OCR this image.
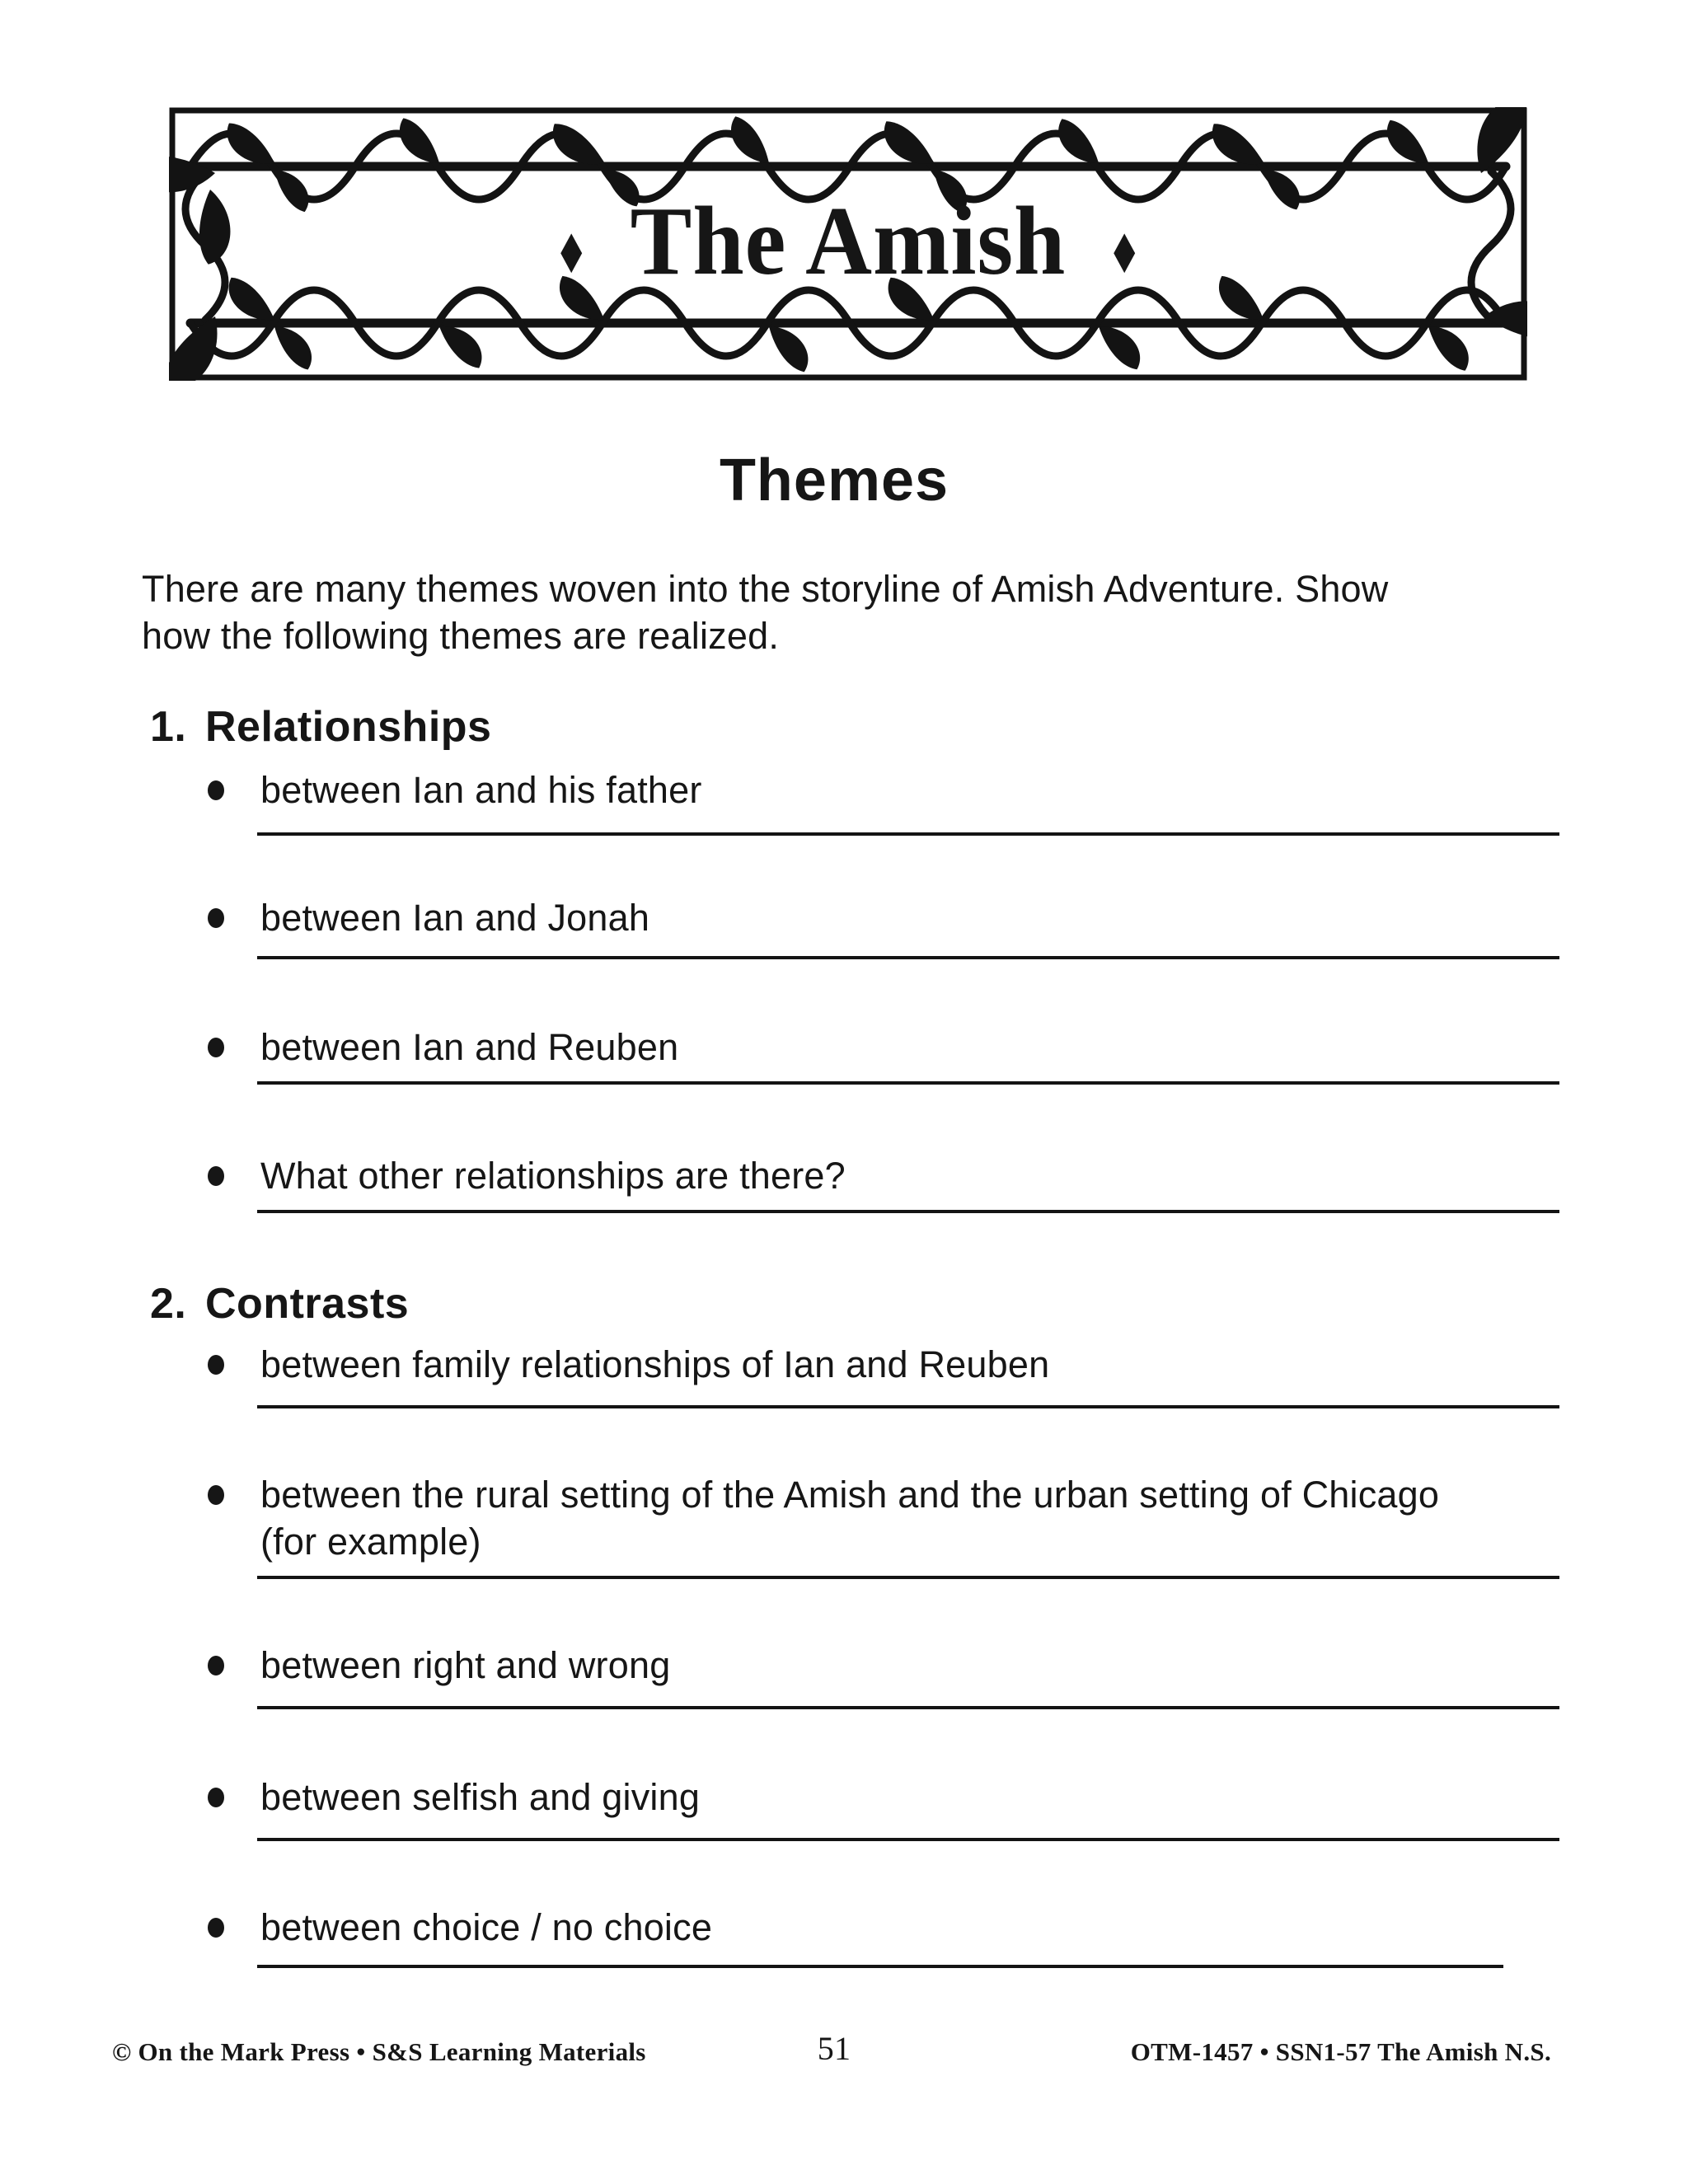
◆ The Amish ◆
Themes
There are many themes woven into the storyline of Amish Adventure. Show
how the following themes are realized.
1. Relationships
between Ian and his father
between Ian and Jonah
between Ian and Reuben
What other relationships are there?
2. Contrasts
between family relationships of Ian and Reuben
between the rural setting of the Amish and the urban setting of Chicago
(for example)
between right and wrong
between selfish and giving
between choice / no choice
© On the Mark Press • S&S Learning Materials	51	OTM-1457 • SSN1-57 The Amish N.S.
